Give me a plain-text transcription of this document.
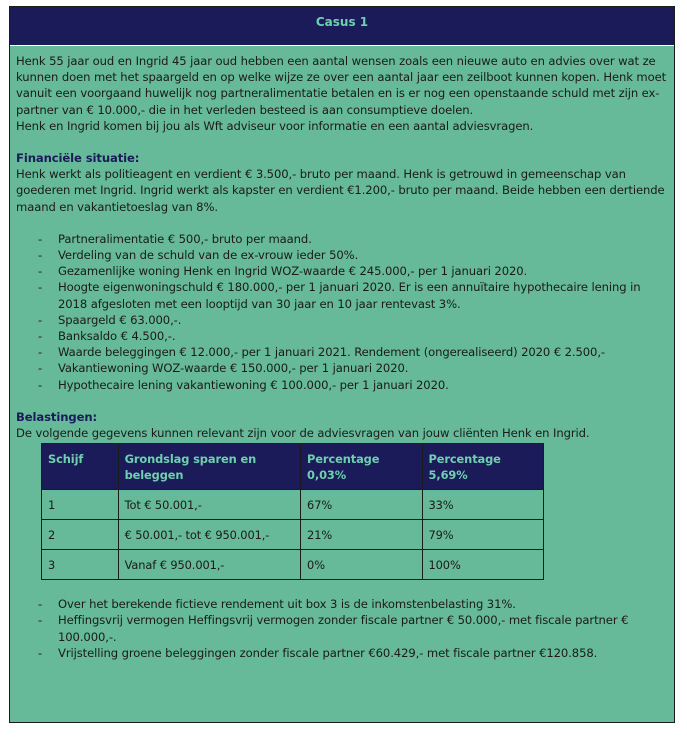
Casus 1

Henk 55 jaar oud en Ingrid 45 jaar oud hebben een aantal wensen zoals een nieuwe auto en advies over wat ze kunnen doen met het spaargeld en op welke wijze ze over een aantal jaar een zeilboot kunnen kopen. Henk moet vanuit een voorgaand huwelijk nog partneralimentatie betalen en is er nog een openstaande schuld met zijn ex-partner van € 10.000,- die in het verleden besteed is aan consumptieve doelen.

Henk en Ingrid komen bij jou als Wft adviseur voor informatie en een aantal adviesvragen.

Financiële situatie:

Henk werkt als politieagent en verdient € 3.500,- bruto per maand. Henk is getrouwd in gemeenschap van goederen met Ingrid. Ingrid werkt als kapster en verdient €1.200,- bruto per maand. Beide hebben een dertiende maand en vakantietoeslag van 8%.

- Partneralimentatie € 500,- bruto per maand.
- Verdeling van de schuld van de ex-vrouw ieder 50%.
- Gezamenlijke woning Henk en Ingrid WOZ-waarde € 245.000,- per 1 januari 2020.
- Hoogte eigenwoningschuld € 180.000,- per 1 januari 2020. Er is een annuïtaire hypothecaire lening in 2018 afgesloten met een looptijd van 30 jaar en 10 jaar rentevast 3%.
- Spaargeld € 63.000,-.
- Banksaldo € 4.500,-.
- Waarde beleggingen € 12.000,- per 1 januari 2021. Rendement (ongerealiseerd) 2020 € 2.500,-
- Vakantiewoning WOZ-waarde € 150.000,- per 1 januari 2020.
- Hypothecaire lening vakantiewoning € 100.000,- per 1 januari 2020.

Belastingen:

De volgende gegevens kunnen relevant zijn voor de adviesvragen van jouw cliënten Henk en Ingrid.

Schijf	Grondslag sparen en beleggen	Percentage 0,03%	Percentage 5,69%
1	Tot € 50.001,-	67%	33%
2	€ 50.001,- tot € 950.001,-	21%	79%
3	Vanaf € 950.001,-	0%	100%
- Over het berekende fictieve rendement uit box 3 is de inkomstenbelasting 31%.
- Heffingsvrij vermogen Heffingsvrij vermogen zonder fiscale partner € 50.000,- met fiscale partner € 100.000,-.
- Vrijstelling groene beleggingen zonder fiscale partner €60.429,- met fiscale partner €120.858.
